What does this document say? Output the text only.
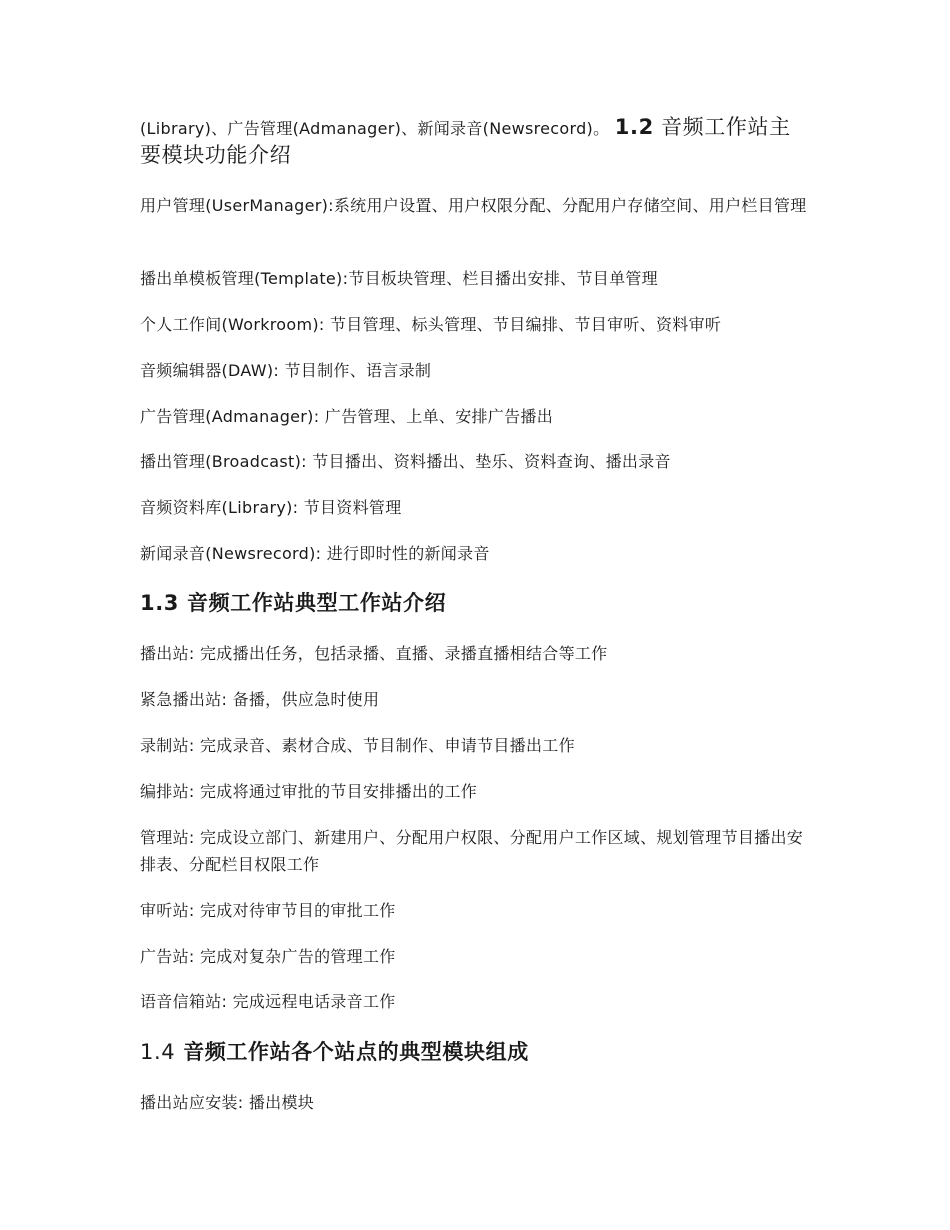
(Library)、广告管理(Admanager)、新闻录音(Newsrecord)。 1.2 音频工作站主要模块功能介绍

用户管理(UserManager):系统用户设置、用户权限分配、分配用户存储空间、用户栏目管理

播出单模板管理(Template):节目板块管理、栏目播出安排、节目单管理

个人工作间(Workroom): 节目管理、标头管理、节目编排、节目审听、资料审听

音频编辑器(DAW): 节目制作、语言录制

广告管理(Admanager): 广告管理、上单、安排广告播出

播出管理(Broadcast): 节目播出、资料播出、垫乐、资料查询、播出录音

音频资料库(Library): 节目资料管理

新闻录音(Newsrecord): 进行即时性的新闻录音

1.3 音频工作站典型工作站介绍

播出站: 完成播出任务，包括录播、直播、录播直播相结合等工作

紧急播出站: 备播，供应急时使用

录制站: 完成录音、素材合成、节目制作、申请节目播出工作

编排站: 完成将通过审批的节目安排播出的工作

管理站: 完成设立部门、新建用户、分配用户权限、分配用户工作区域、规划管理节目播出安排表、分配栏目权限工作

审听站: 完成对待审节目的审批工作

广告站: 完成对复杂广告的管理工作

语音信箱站: 完成远程电话录音工作

1.4 音频工作站各个站点的典型模块组成

播出站应安装: 播出模块
